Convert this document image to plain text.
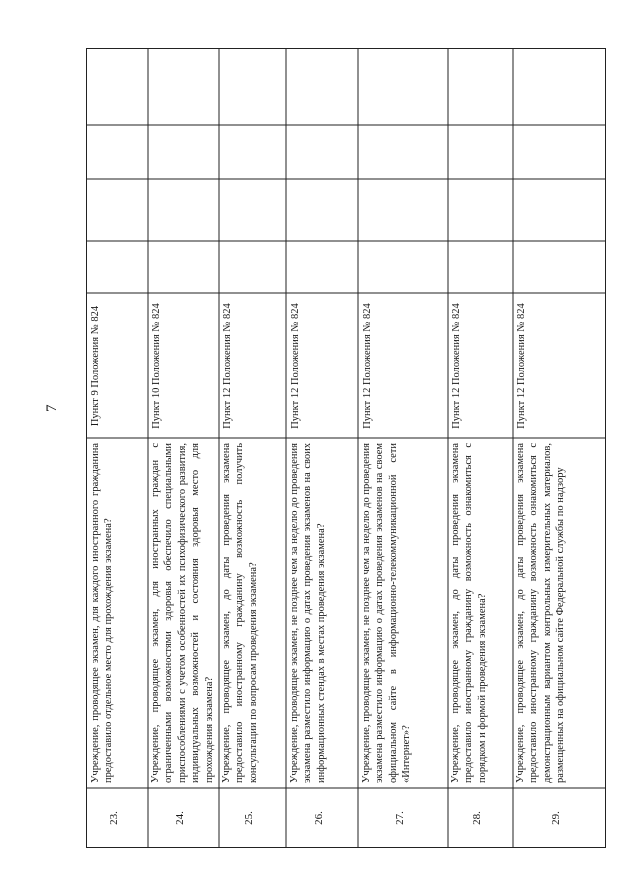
7
Учреждение, проводящее экзамен, для каждого иностранного гражданина предоставило отдельное место для прохождения экзамена?
Пункт 9 Положения № 824
23.
Учреждение, проводящее экзамен, для иностранных граждан с ограниченными возможностями здоровья обеспечило специальными приспособлениями с учетом особенностей их психофизического развития, индивидуальных возможностей и состояния здоровья место для прохождения экзамена?
Пункт 10 Положения № 824
24.
Учреждение, проводящее экзамен, до даты проведения экзамена предоставило иностранному гражданину возможность получить консультации по вопросам проведения экзамена?
Пункт 12 Положения № 824
25.
Учреждение, проводящее экзамен, не позднее чем за неделю до проведения экзамена разместило информацию о датах проведения экзаменов на своих информационных стендах в местах проведения экзамена?
Пункт 12 Положения № 824
26.
Учреждение, проводящее экзамен, не позднее чем за неделю до проведения экзамена разместило информацию о датах проведения экзаменов на своем официальном сайте в информационно-телекоммуникационной сети «Интернет»?
Пункт 12 Положения № 824
27.
Учреждение, проводящее экзамен, до даты проведения экзамена предоставило иностранному гражданину возможность ознакомиться с порядком и формой проведения экзамена?
Пункт 12 Положения № 824
28.
Учреждение, проводящее экзамен, до даты проведения экзамена предоставило иностранному гражданину возможность ознакомиться с демонстрационным вариантом контрольных измерительных материалов, размещенных на официальном сайте Федеральной службы по надзору
Пункт 12 Положения № 824
29.
